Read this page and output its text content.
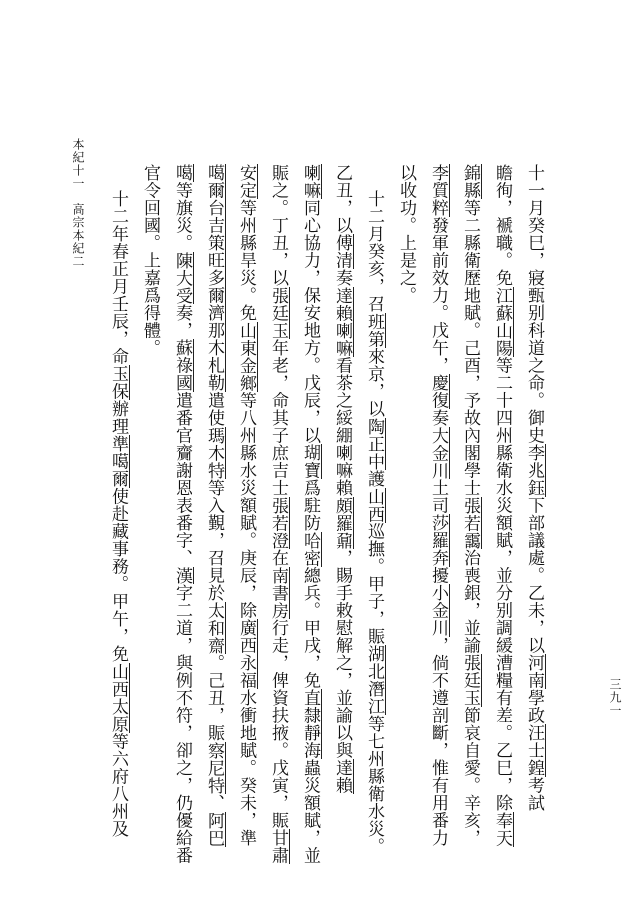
三九一
十一月癸巳，寢甄别科道之命。御史李兆鈺下部議處。乙未，以河南學政汪士鍠考試
瞻徇，褫職。免江蘇山陽等二十四州縣衛水災額賦，並分别調緩漕糧有差。乙巳，除奉天
錦縣等二縣衛歷地賦。己酉，予故內閣學士張若靄治喪銀，並諭張廷玉節哀自愛。辛亥，
李質粹發軍前效力。戊午，慶復奏大金川土司莎羅奔擾小金川，倘不遵剖斷，惟有用番力
以收功。上是之。
十二月癸亥，召班第來京，以陶正中護山西巡撫。甲子，賑湖北潛江等七州縣衛水災。
乙丑，以傅清奏達賴喇嘛看茶之綏綳喇嘛賴頗羅鼐，賜手敕慰解之，並諭以與達賴
喇嘛同心協力，保安地方。戊辰，以瑚寶爲駐防哈密總兵。甲戌，免直隸靜海蟲災額賦，並
賑之。丁丑，以張廷玉年老，命其子庶吉士張若澄在南書房行走，俾資扶掖。戊寅，賑甘肅
安定等州縣旱災。免山東金鄉等八州縣水災額賦。庚辰，除廣西永福水衝地賦。癸未，準
噶爾台吉策旺多爾濟那木札勒遣使瑪木特等入覲，召見於太和齋。己丑，賑察尼特、阿巴
噶等旗災。陳大受奏，蘇祿國遣番官齎謝恩表番字、漢字二道，與例不符，卻之，仍優給番
官令回國。上嘉爲得體。
十二年春正月壬辰，命玉保辦理準噶爾使赴藏事務。甲午，免山西太原等六府八州及
本紀十一　高宗本紀二
